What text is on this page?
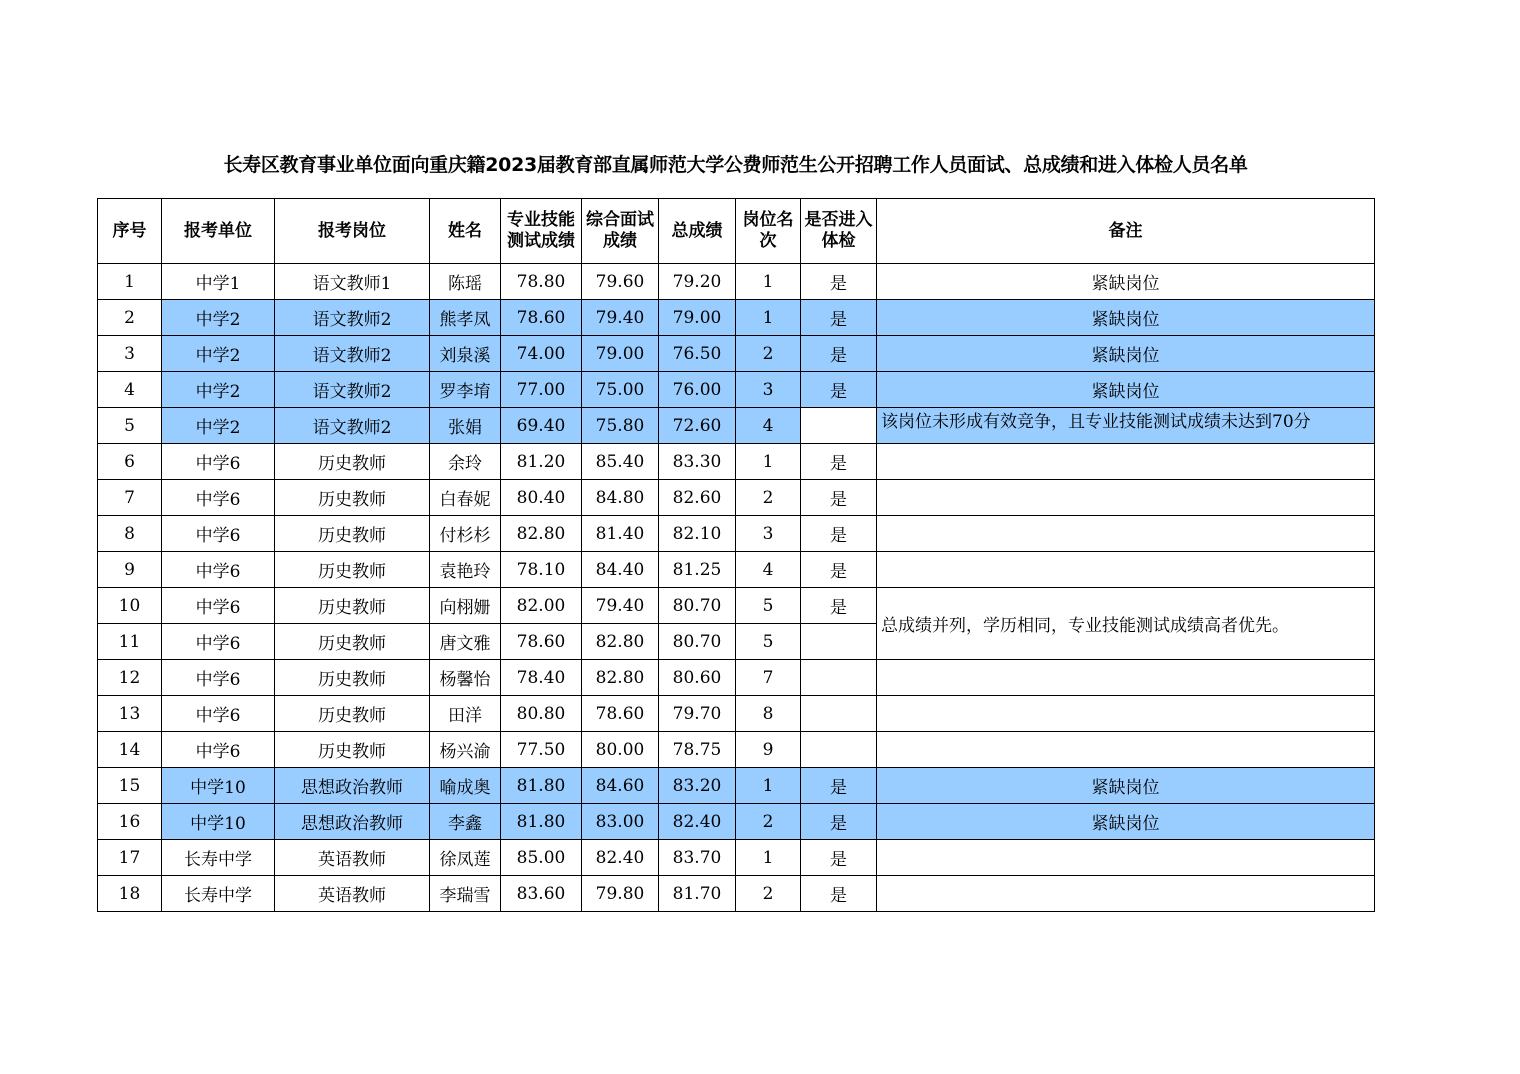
长寿区教育事业单位面向重庆籍2023届教育部直属师范大学公费师范生公开招聘工作人员面试、总成绩和进入体检人员名单
序号	报考单位	报考岗位	姓名	专业技能测试成绩	综合面试成绩	总成绩	岗位名次	是否进入体检	备注
1	中学1	语文教师1	陈瑶	78.80	79.60	79.20	1	是	紧缺岗位
2	中学2	语文教师2	熊孝凤	78.60	79.40	79.00	1	是	紧缺岗位
3	中学2	语文教师2	刘泉溪	74.00	79.00	76.50	2	是	紧缺岗位
4	中学2	语文教师2	罗李堉	77.00	75.00	76.00	3	是	紧缺岗位
5	中学2	语文教师2	张娟	69.40	75.80	72.60	4		该岗位未形成有效竞争，且专业技能测试成绩未达到70分

6	中学6	历史教师	余玲	81.20	85.40	83.30	1	是	
7	中学6	历史教师	白春妮	80.40	84.80	82.60	2	是	
8	中学6	历史教师	付杉杉	82.80	81.40	82.10	3	是	
9	中学6	历史教师	袁艳玲	78.10	84.40	81.25	4	是	
10	中学6	历史教师	向栩姗	82.00	79.40	80.70	5	是	总成绩并列，学历相同，专业技能测试成绩高者优先。
11	中学6	历史教师	唐文雅	78.60	82.80	80.70	5		
12	中学6	历史教师	杨馨怡	78.40	82.80	80.60	7		
13	中学6	历史教师	田洋	80.80	78.60	79.70	8		
14	中学6	历史教师	杨兴渝	77.50	80.00	78.75	9		
15	中学10	思想政治教师	喻成奥	81.80	84.60	83.20	1	是	紧缺岗位
16	中学10	思想政治教师	李鑫	81.80	83.00	82.40	2	是	紧缺岗位
17	长寿中学	英语教师	徐凤莲	85.00	82.40	83.70	1	是	
18	长寿中学	英语教师	李瑞雪	83.60	79.80	81.70	2	是	
